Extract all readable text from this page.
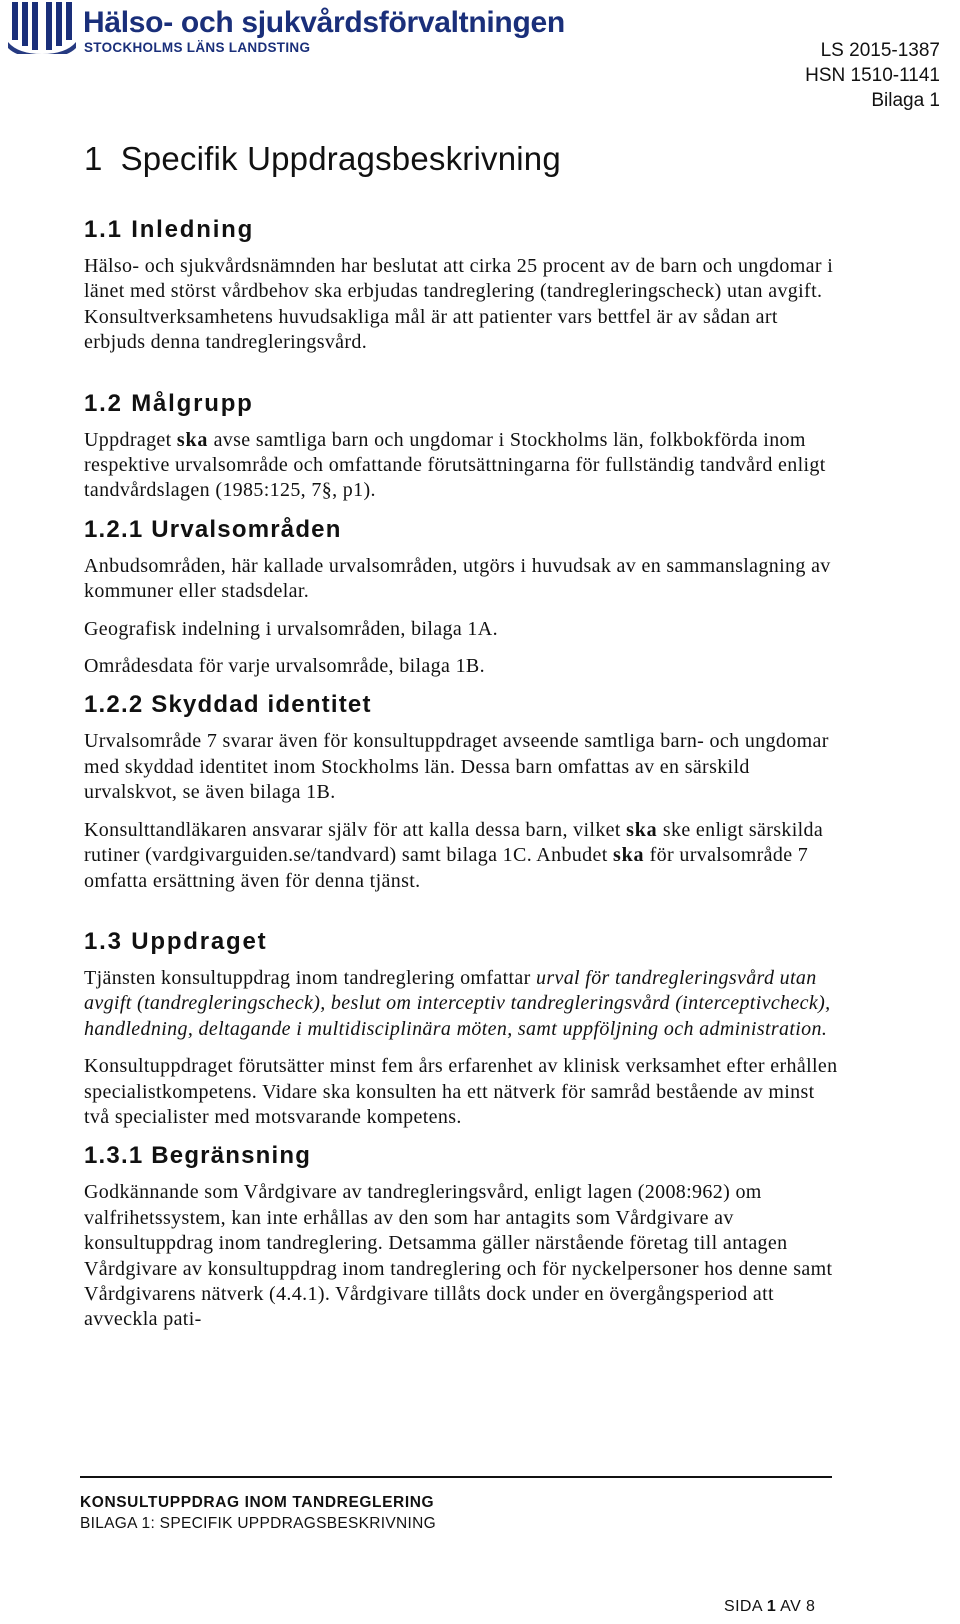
Hälso- och sjukvårdsförvaltningen
STOCKHOLMS LÄNS LANDSTING	LS 2015-1387
HSN 1510-1141
Bilaga 1
1 Specifik Uppdragsbeskrivning
1.1 Inledning

Hälso- och sjukvårdsnämnden har beslutat att cirka 25 procent av de barn och ungdomar i länet med störst vårdbehov ska erbjudas tandreglering (tandregleringscheck) utan avgift. Konsultverksamhetens huvudsakliga mål är att patienter vars bettfel är av sådan art erbjuds denna tandregleringsvård.

1.2 Målgrupp

Uppdraget ska avse samtliga barn och ungdomar i Stockholms län, folkbokförda inom respektive urvalsområde och omfattande förutsättningarna för fullständig tandvård enligt tandvårdslagen (1985:125, 7§, p1).

1.2.1 Urvalsområden

Anbudsområden, här kallade urvalsområden, utgörs i huvudsak av en sammanslagning av kommuner eller stadsdelar.

Geografisk indelning i urvalsområden, bilaga 1A.

Områdesdata för varje urvalsområde, bilaga 1B.

1.2.2 Skyddad identitet

Urvalsområde 7 svarar även för konsultuppdraget avseende samtliga barn- och ungdomar med skyddad identitet inom Stockholms län. Dessa barn omfattas av en särskild urvalskvot, se även bilaga 1B.

Konsulttandläkaren ansvarar själv för att kalla dessa barn, vilket ska ske enligt särskilda rutiner (vardgivarguiden.se/tandvard) samt bilaga 1C. Anbudet ska för urvalsområde 7 omfatta ersättning även för denna tjänst.

1.3 Uppdraget

Tjänsten konsultuppdrag inom tandreglering omfattar urval för tandregleringsvård utan avgift (tandregleringscheck), beslut om interceptiv tandregleringsvård (interceptivcheck), handledning, deltagande i multidisciplinära möten, samt uppföljning och administration.

Konsultuppdraget förutsätter minst fem års erfarenhet av klinisk verksamhet efter erhållen specialistkompetens. Vidare ska konsulten ha ett nätverk för samråd bestående av minst två specialister med motsvarande kompetens.

1.3.1 Begränsning

Godkännande som Vårdgivare av tandregleringsvård, enligt lagen (2008:962) om valfrihetssystem, kan inte erhållas av den som har antagits som Vårdgivare av konsultuppdrag inom tandreglering. Detsamma gäller närstående företag till antagen Vårdgivare av konsultuppdrag inom tandreglering och för nyckelpersoner hos denne samt Vårdgivarens nätverk (4.4.1). Vårdgivare tillåts dock under en övergångsperiod att avveckla pati-

KONSULTUPPDRAG INOM TANDREGLERING
BILAGA 1: SPECIFIK UPPDRAGSBESKRIVNING
SIDA 1 AV 8
